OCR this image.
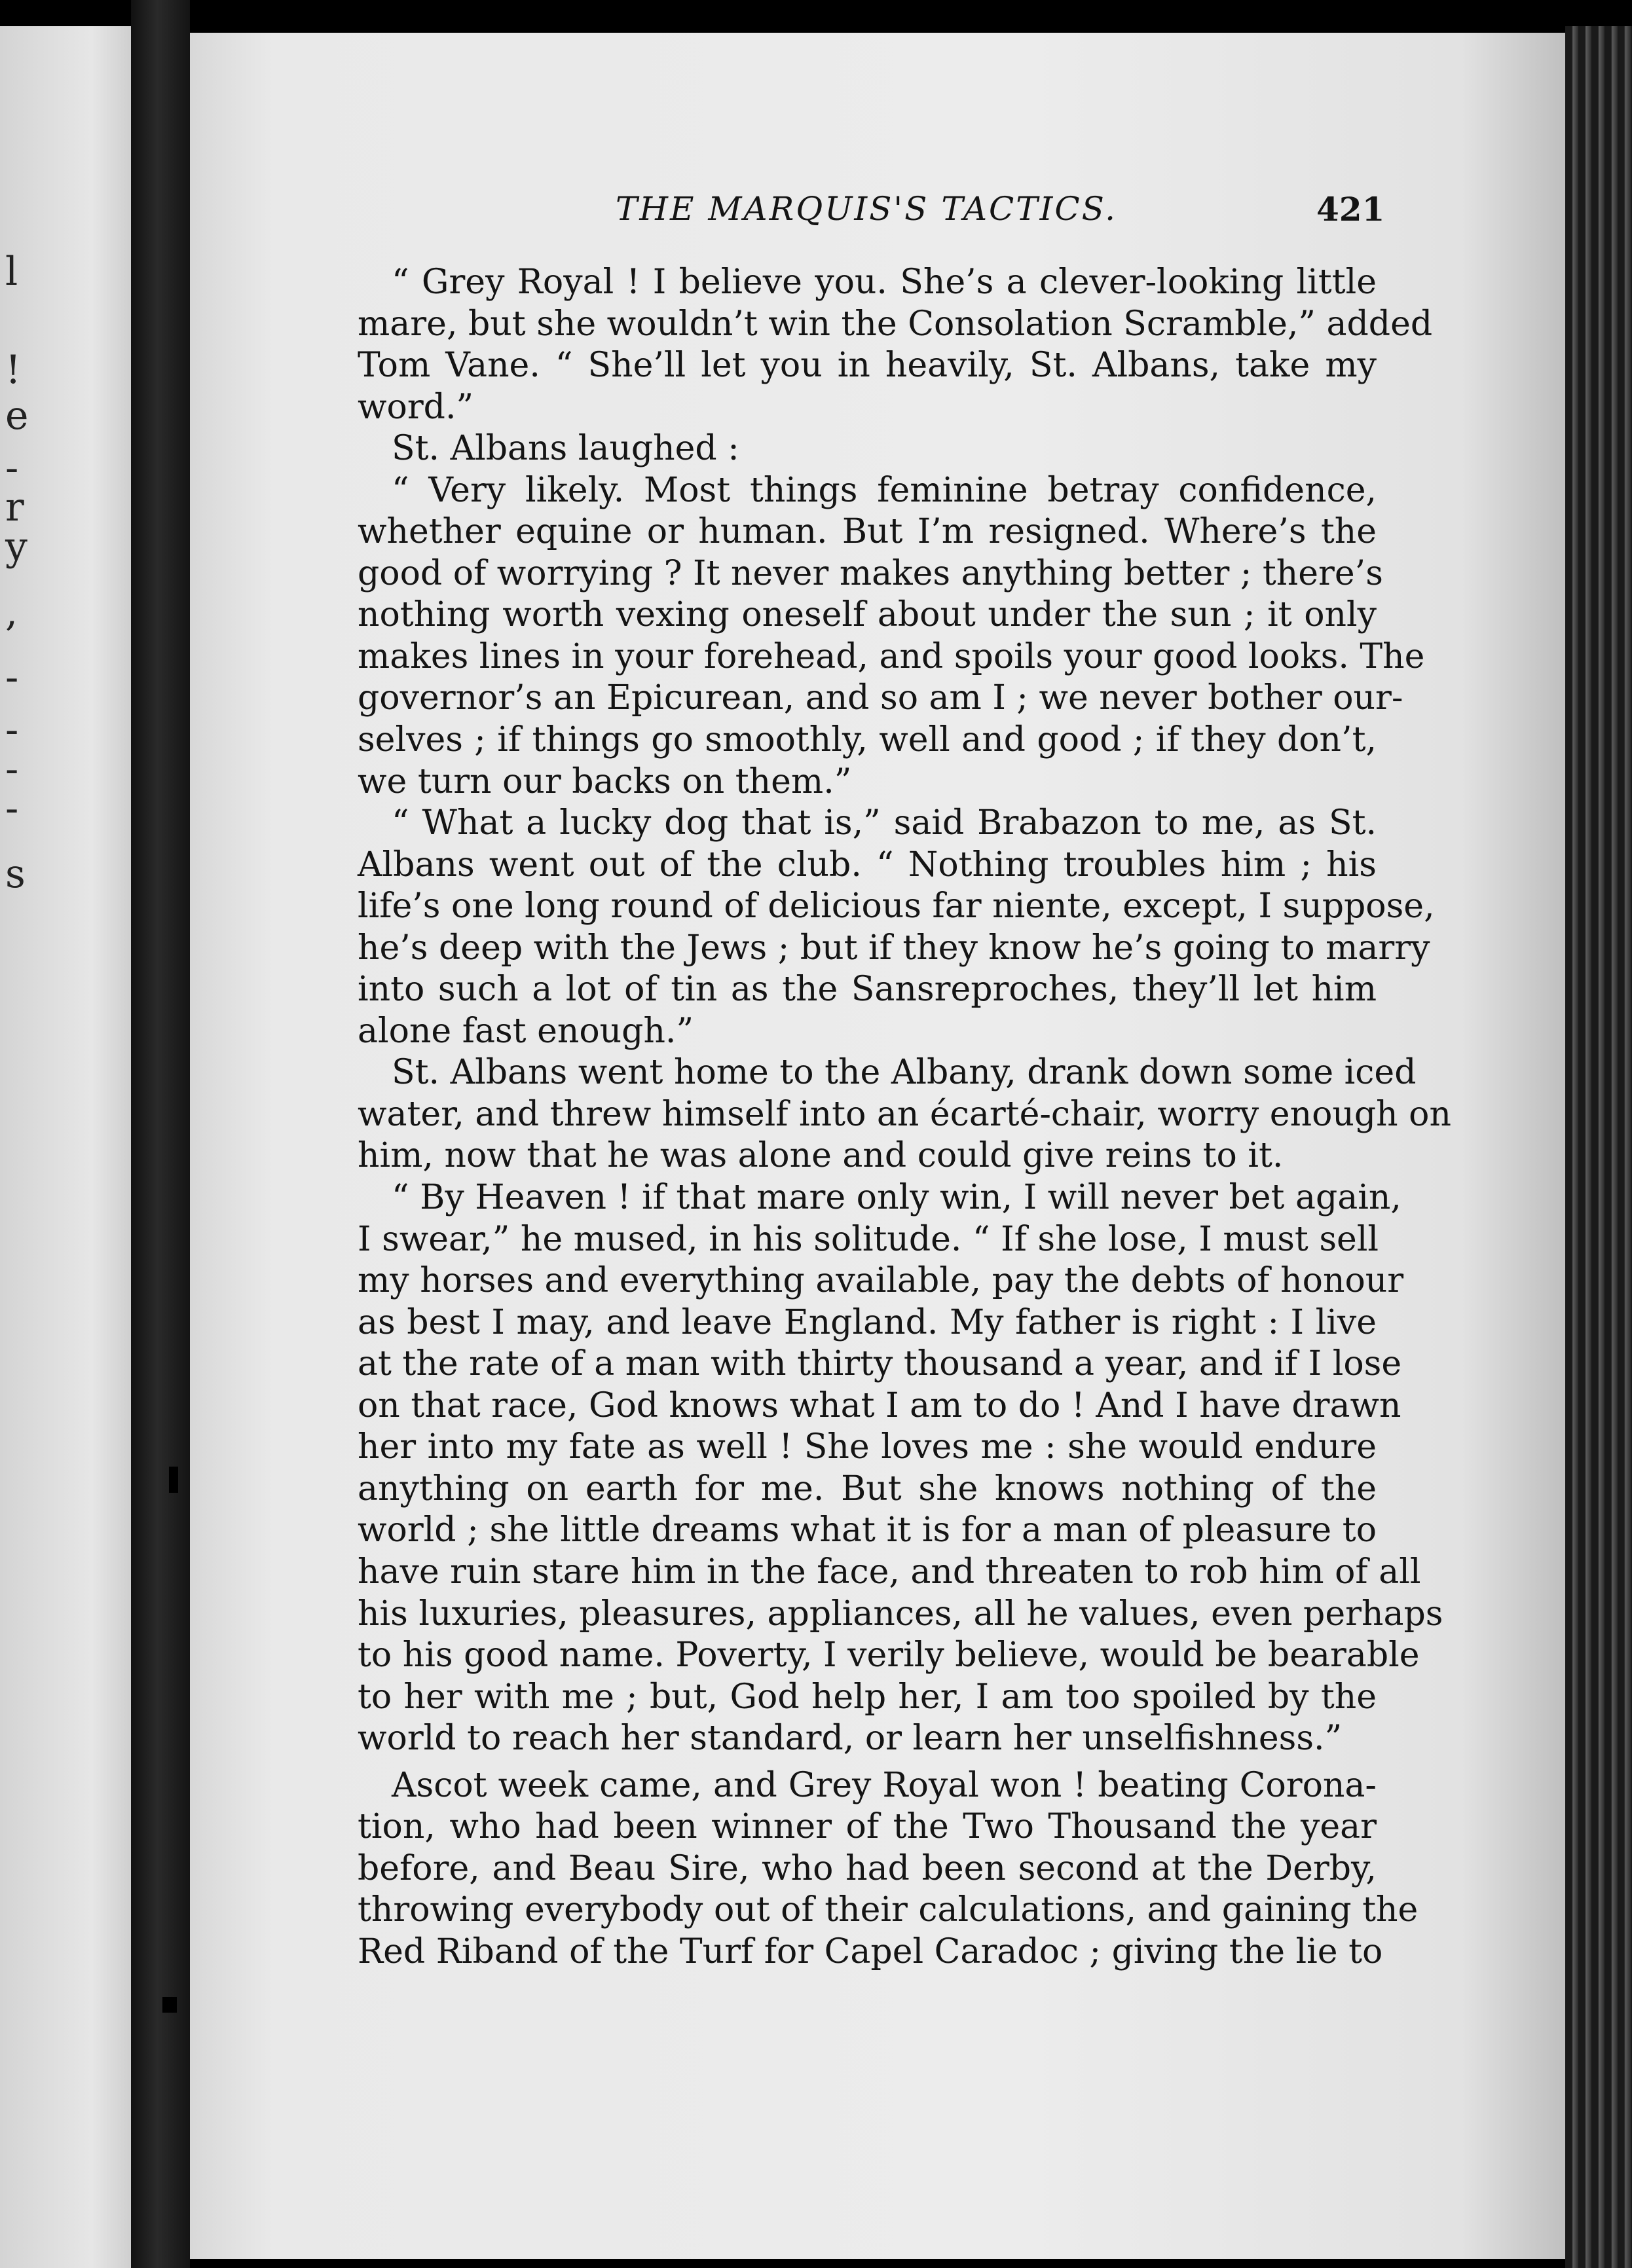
l
!
e
-
r
y
,
-
-
-
-
s
THE MARQUIS'S TACTICS.	421
“ Grey Royal ! I believe you. She’s a clever-looking little
mare, but she wouldn’t win the Consolation Scramble,” added
Tom Vane. “ She’ll let you in heavily, St. Albans, take my
word.”
St. Albans laughed :
“ Very likely. Most things feminine betray confidence,
whether equine or human. But I’m resigned. Where’s the
good of worrying ? It never makes anything better ; there’s
nothing worth vexing oneself about under the sun ; it only
makes lines in your forehead, and spoils your good looks. The
governor’s an Epicurean, and so am I ; we never bother our-
selves ; if things go smoothly, well and good ; if they don’t,
we turn our backs on them.”
“ What a lucky dog that is,” said Brabazon to me, as St.
Albans went out of the club. “ Nothing troubles him ; his
life’s one long round of delicious far niente, except, I suppose,
he’s deep with the Jews ; but if they know he’s going to marry
into such a lot of tin as the Sansreproches, they’ll let him
alone fast enough.”
St. Albans went home to the Albany, drank down some iced
water, and threw himself into an écarté-chair, worry enough on
him, now that he was alone and could give reins to it.
“ By Heaven ! if that mare only win, I will never bet again,
I swear,” he mused, in his solitude. “ If she lose, I must sell
my horses and everything available, pay the debts of honour
as best I may, and leave England. My father is right : I live
at the rate of a man with thirty thousand a year, and if I lose
on that race, God knows what I am to do ! And I have drawn
her into my fate as well ! She loves me : she would endure
anything on earth for me. But she knows nothing of the
world ; she little dreams what it is for a man of pleasure to
have ruin stare him in the face, and threaten to rob him of all
his luxuries, pleasures, appliances, all he values, even perhaps
to his good name. Poverty, I verily believe, would be bearable
to her with me ; but, God help her, I am too spoiled by the
world to reach her standard, or learn her unselfishness.”
Ascot week came, and Grey Royal won ! beating Corona-
tion, who had been winner of the Two Thousand the year
before, and Beau Sire, who had been second at the Derby,
throwing everybody out of their calculations, and gaining the
Red Riband of the Turf for Capel Caradoc ; giving the lie to
